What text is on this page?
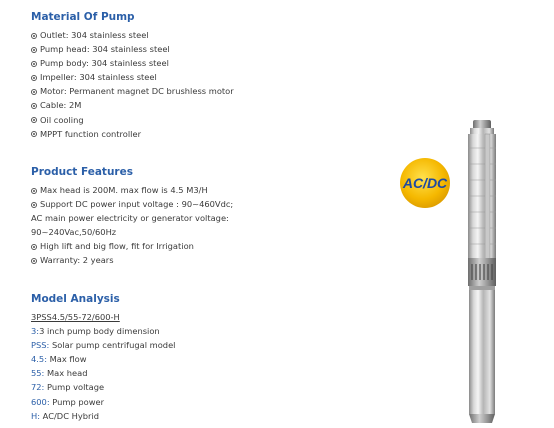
Material Of Pump
Outlet: 304 stainless steel
Pump head: 304 stainless steel
Pump body: 304 stainless steel
Impeller: 304 stainless steel
Motor: Permanent magnet DC brushless motor
Cable: 2M
Oil cooling
MPPT function controller
Product Features
Max head is 200M. max flow is 4.5 M3/H
Support DC power input voltage : 90~460Vdc;
AC main power electricity or generator voltage:
90~240Vac,50/60Hz
High lift and big flow, fit for Irrigation
Warranty: 2 years
Model Analysis
3PSS4.5/55-72/600-H
3:3 inch pump body dimension
PSS: Solar pump centrifugal model
4.5: Max flow
55: Max head
72: Pump voltage
600: Pump power
H: AC/DC Hybrid
AC/DC
